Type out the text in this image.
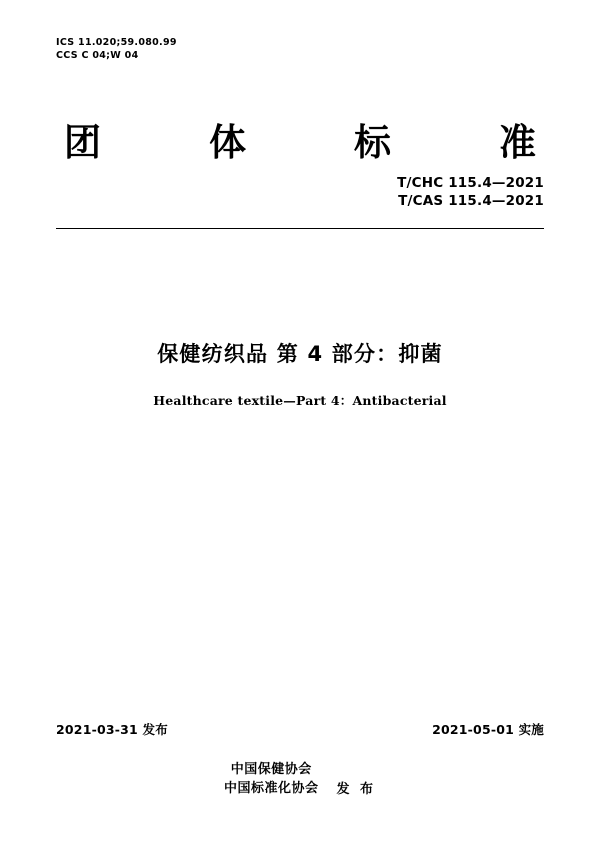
ICS 11.020;59.080.99
CCS C 04;W 04
团	体	标	准
T/CHC 115.4—2021
T/CAS 115.4—2021
保健纺织品 第 4 部分：抑菌
Healthcare textile—Part 4：Antibacterial
2021-03-31 发布	2021-05-01 实施
中国保健协会
中国标准化协会 发 布
